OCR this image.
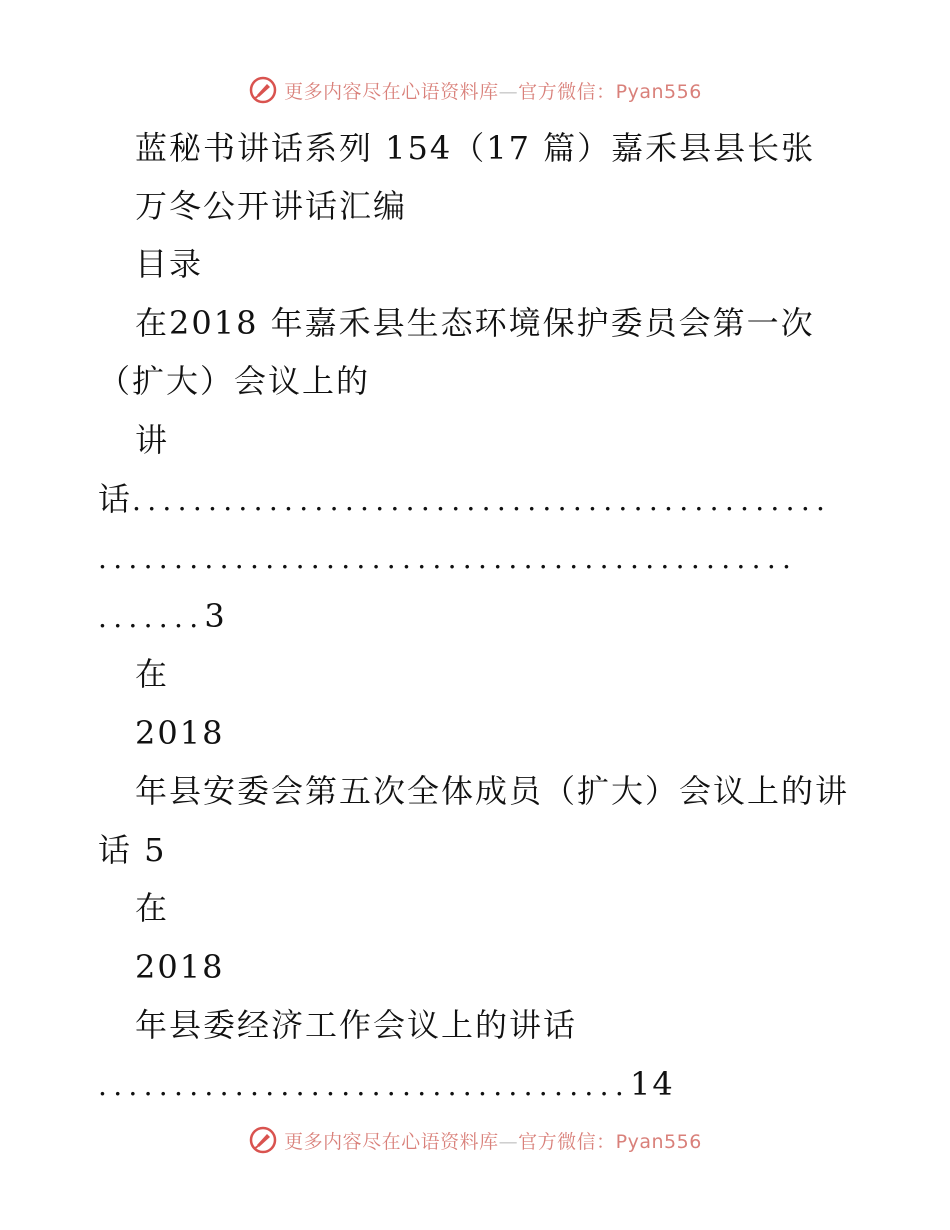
更多内容尽在心语资料库—官方微信：Pyan556
蓝秘书讲话系列 154（17 篇）嘉禾县县长张
万冬公开讲话汇编
目录
在2018 年嘉禾县生态环境保护委员会第一次
（扩大）会议上的
讲
话..............................................
..............................................
.......3
在
2018
年县安委会第五次全体成员（扩大）会议上的讲
话 5
在
2018
年县委经济工作会议上的讲话
...................................14
更多内容尽在心语资料库—官方微信：Pyan556
